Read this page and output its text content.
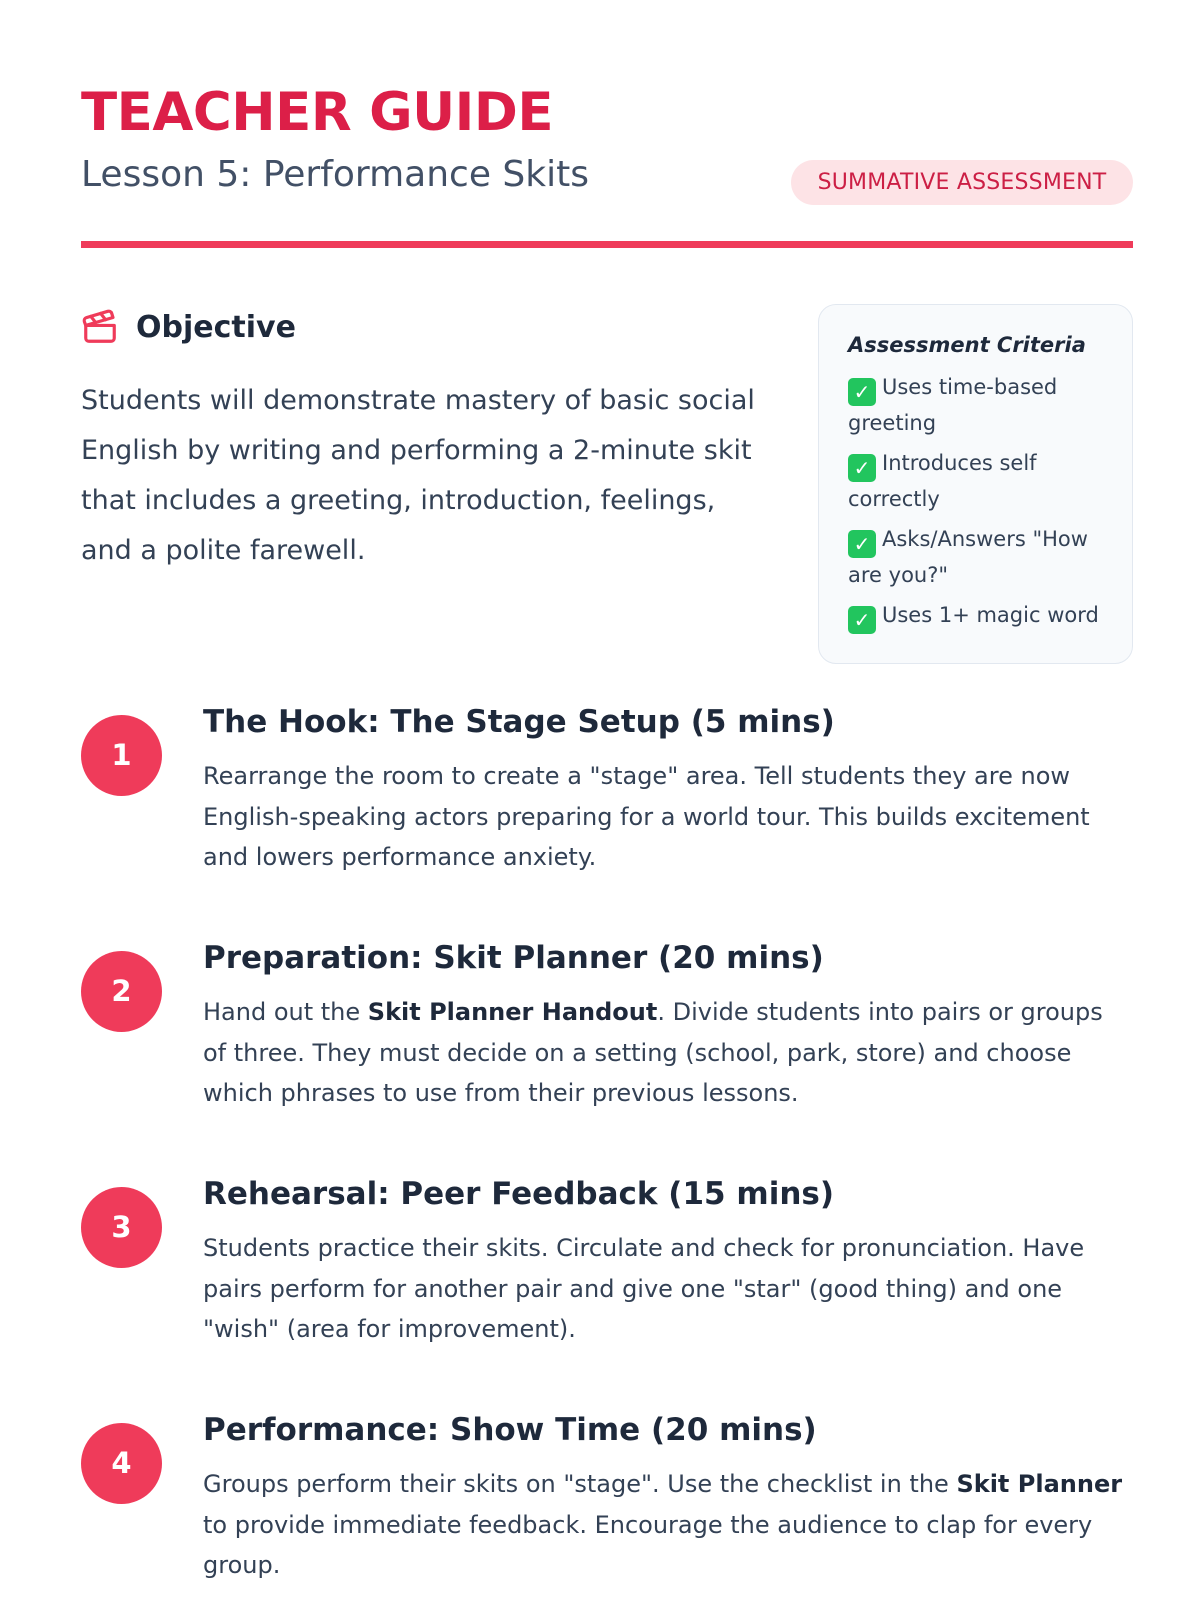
TEACHER GUIDE
Lesson 5: Performance Skits	SUMMATIVE ASSESSMENT
Objective

Students will demonstrate mastery of basic social English by writing and performing a 2-minute skit that includes a greeting, introduction, feelings, and a polite farewell.

Assessment Criteria
✓ Uses time-based greeting
✓ Introduces self correctly
✓ Asks/Answers "How are you?"
✓ Uses 1+ magic word
1
The Hook: The Stage Setup (5 mins)

Rearrange the room to create a "stage" area. Tell students they are now English-speaking actors preparing for a world tour. This builds excitement and lowers performance anxiety.

2
Preparation: Skit Planner (20 mins)

Hand out the Skit Planner Handout. Divide students into pairs or groups of three. They must decide on a setting (school, park, store) and choose which phrases to use from their previous lessons.

3
Rehearsal: Peer Feedback (15 mins)

Students practice their skits. Circulate and check for pronunciation. Have pairs perform for another pair and give one "star" (good thing) and one "wish" (area for improvement).

4
Performance: Show Time (20 mins)

Groups perform their skits on "stage". Use the checklist in the Skit Planner to provide immediate feedback. Encourage the audience to clap for every group.
